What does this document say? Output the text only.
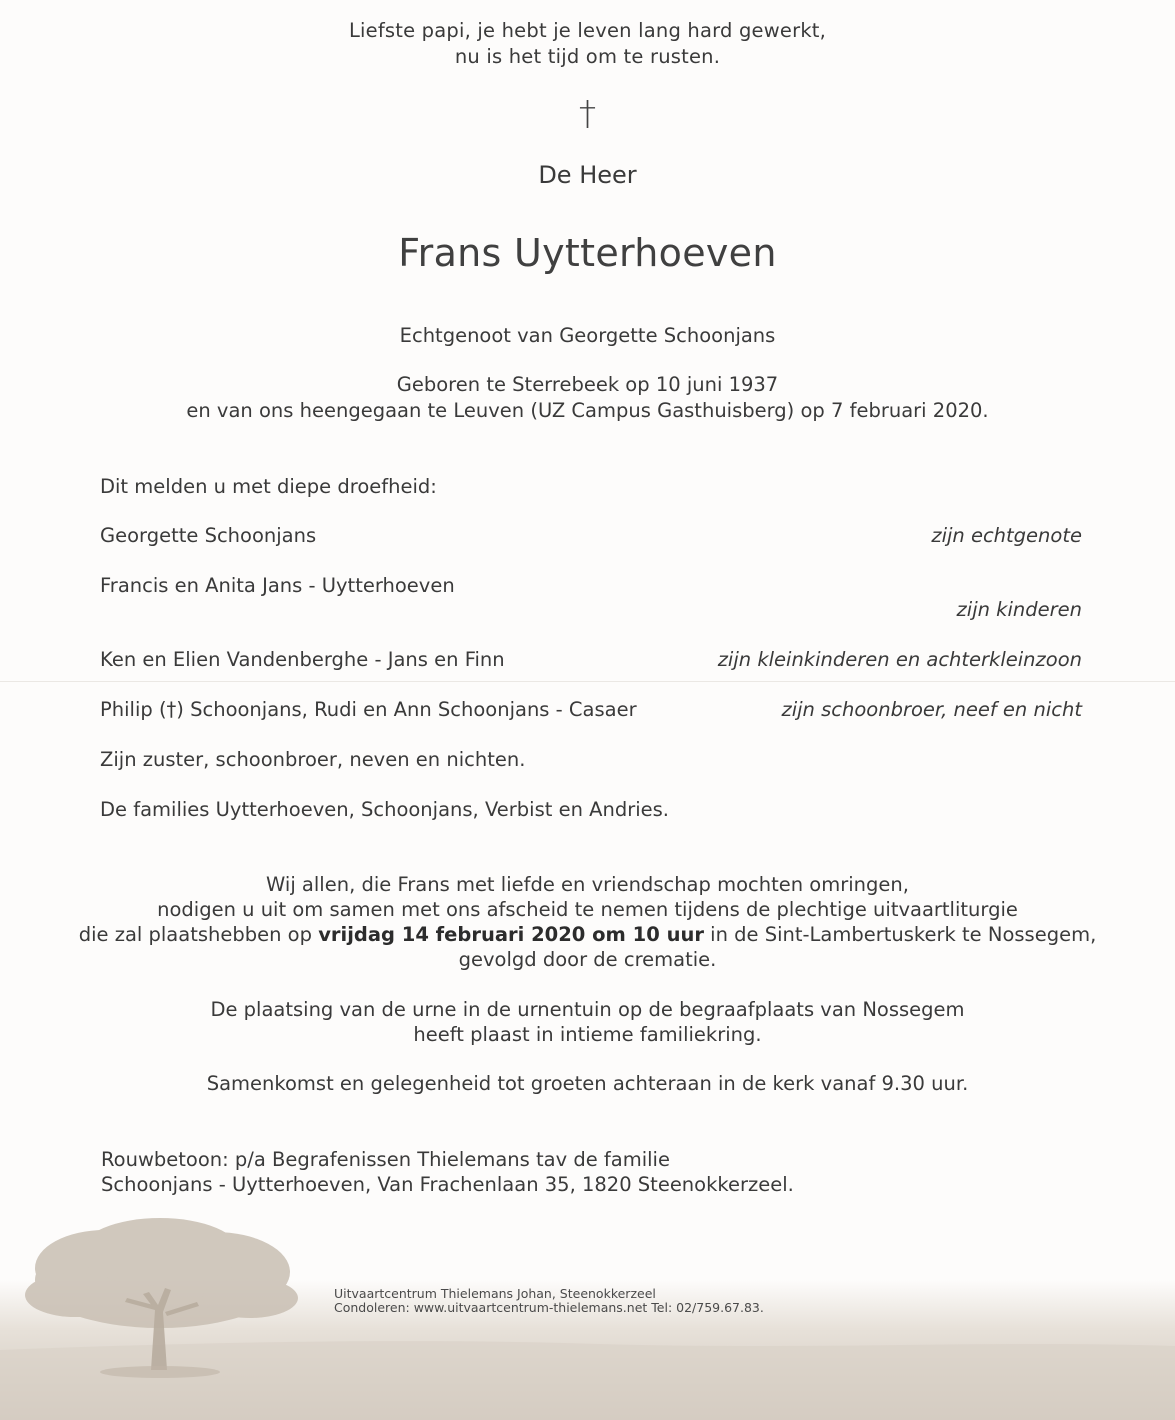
Liefste papi, je hebt je leven lang hard gewerkt,
nu is het tijd om te rusten.
†
De Heer
Frans Uytterhoeven
Echtgenoot van Georgette Schoonjans
Geboren te Sterrebeek op 10 juni 1937
en van ons heengegaan te Leuven (UZ Campus Gasthuisberg) op 7 februari 2020.
Dit melden u met diepe droefheid:
Georgette Schoonjans	zijn echtgenote
Francis en Anita Jans - Uytterhoeven
zijn kinderen
Ken en Elien Vandenberghe - Jans en Finn	zijn kleinkinderen en achterkleinzoon
Philip (†) Schoonjans, Rudi en Ann Schoonjans - Casaer	zijn schoonbroer, neef en nicht
Zijn zuster, schoonbroer, neven en nichten.
De families Uytterhoeven, Schoonjans, Verbist en Andries.
Wij allen, die Frans met liefde en vriendschap mochten omringen,
nodigen u uit om samen met ons afscheid te nemen tijdens de plechtige uitvaartliturgie
die zal plaatshebben op vrijdag 14 februari 2020 om 10 uur in de Sint-Lambertuskerk te Nossegem,
gevolgd door de crematie.
De plaatsing van de urne in de urnentuin op de begraafplaats van Nossegem
heeft plaast in intieme familiekring.
Samenkomst en gelegenheid tot groeten achteraan in de kerk vanaf 9.30 uur.
Rouwbetoon: p/a Begrafenissen Thielemans tav de familie
Schoonjans - Uytterhoeven, Van Frachenlaan 35, 1820 Steenokkerzeel.
Uitvaartcentrum Thielemans Johan, Steenokkerzeel
Condoleren: www.uitvaartcentrum-thielemans.net Tel: 02/759.67.83.
